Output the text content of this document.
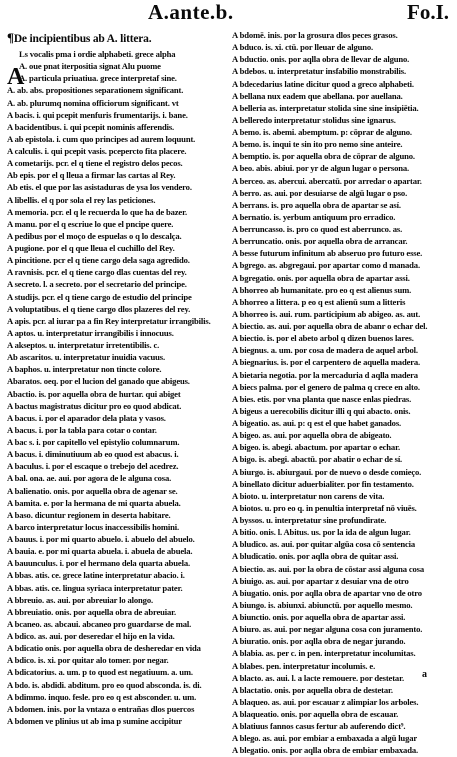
A.ante.b.	Fo.I.
¶De incipientibus ab A. littera.
A
Ls vocalis pma i ordie alphabeti. grece alpha
A. oue pnat iterpositia signat Alu puome
A. particula priuatiua. grece interpretaf sine.
A. ab. abs. propositiones separationem significant.
A. ab. plurumq nomina officiorum significant. vt
A bacis. i. qui pcepit menfuris frumentarijs. i. bane.
A bacidentibus. i. qui pcepit nominis afferendis.
A ab epistola. i. cum quo principes ad aurem loquunt.
A calculis. i. qui pcepit vasis. pcepercto fita placere.
A cometarijs. pcr. el q tiene el registro delos pecos.
Ab epis. por el q lleua a firmar las cartas al Rey.
Ab etis. el que por las asistaduras de ysa los vendero.
A libellis. el q por sola el rey las peticiones.
A memoria. pcr. el q le recuerda lo que ha de bazer.
A manu. por el q escriue lo que el pncipe quere.
A pedibus por el moço de espuelas o q lo descalça.
A pugione. por el q que lleua el cuchillo del Rey.
A pincitione. pcr el q tiene cargo dela saga agredido.
A ravnisis. pcr. el q tiene cargo dlas cuentas del rey.
A secreto. l. a secreto. por el secretario del principe.
A studijs. pcr. el q tiene cargo de estudio del principe
A voluptatibus. el q tiene cargo dlos plazeres del rey.
A apis. pcr. al iurar pa a fin Rey interpretatur irrangibilis.
A aptos. u. interpretatur irrangibilis i innocuus.
A akseptos. u. interpretatur irretentibilis. c.
Ab ascaritos. u. interpretatur inuidia vacuus.
A baphos. u. interpretatur non tincte colore.
Abaratos. oeq. por el lucion del ganado que abigeus.
Abactio. is. por aquella obra de hurtar. qui abiget
A bactus magistratus dicitur pro eo quod abdicat.
A bacus. i. por el aparador dela plata y vasos.
A bacus. i. por la tabla para cotar o contar.
A bac s. i. por capitello vel epistylio columnarum.
A bacus. i. diminutiuum ab eo quod est abacus. i.
A baculus. i. por el escaque o trebejo del acedrez.
A bal. ona. ae. aui. por agora de le alguna cosa.
A balienatio. onis. por aquella obra de agenar se.
A bamita. e. por la hermana de mi quarta abuela.
A baso. dicuntur regionem in deserta habitare.
A barco interpretatur locus inaccessibilis homini.
A bauus. i. por mi quarto abuelo. i. abuelo del abuelo.
A bauia. e. por mi quarta abuela. i. abuela de abuela.
A bauunculus. i. por el hermano dela quarta abuela.
A bbas. atis. ce. grece latine interpretatur abacio. i.
A bbas. atis. ce. lingua syriaca interpretatur pater.
A bbreuio. as. aui. por abreuiar lo alongo.
A bbreuiatio. onis. por aquella obra de abreuiar.
A bcaneo. as. abcaui. abcaneo pro guardarse de mal.
A bdico. as. aui. por deseredar el hijo en la vida.
A bdicatio onis. por aquella obra de desheredar en vida
A bdico. is. xi. por quitar alo tomer. por negar.
A bdicatorius. a. um. p to quod est negatiuum. a. um.
A bdo. is. abdidi. abditum. pro eo quod absconda. is. di.
A bdimmo. inquo. fesle. pro eo q est absconder. u. um.
A bdomen. inis. por la vntaza o entrañas dlos puercos
A bdomen ve plinius ut ab ima p sumine accipitur
A bdomē. inis. por la grosura dlos peces grasos.
A bduco. is. xi. ctū. por lleuar de alguno.
A bductio. onis. por aqlla obra de llevar de alguno.
A bdebos. u. interpretatur insfabilio monstrabilis.
A bdecedarius latine dicitur quod a greco alphabeti.
A bellana nux eadem que abellana. por auellana.
A belleria as. interpretatur stolida sine sine insipiētia.
A belleredo interpretatur stolidus sine ignarus.
A bemo. is. abemi. abemptum. p: cōprar de alguno.
A bemo. is. inqui te sin ito pro nemo sine anteire.
A bemptio. is. por aquella obra de cōprar de alguno.
A beo. abis. abiui. por yr de algun lugar o persona.
A berceo. as. abercui. abercatū. por arredar o apartar.
A berro. as. aui. por desuiarse de algū lugar o pso.
A berrans. is. pro aquella obra de apartar se así.
A bernatio. is. yerbum antiquum pro erradico.
A berruncasso. is. pro co quod est aberrunco. as.
A berruncatio. onis. por aquella obra de arrancar.
A besse futurum infinitum ab abseruo pro futuro esse.
A bgrego. as. abgregaui. por apartar como d manada.
A bgregatio. onis. por aquella obra de apartar assi.
A bhorreo ab humanitate. pro eo q est alienus sum.
A bhorreo a littera. p eo q est alienū sum a litteris
A bhorreo is. aui. rum. participium ab abigeo. as. aut.
A biectio. as. aui. por aquella obra de abanr o echar del.
A biectio. is. por el abeto arbol q dizen buenos lares.
A biegnus. a. um. por cosa de madera de aquel arbol.
A biegnarius. is. por el carpentero de aquella madera.
A bietaria negotia. por la mercaduria d aqlla madera
A biecs palma. por el genero de palma q crece en alto.
A bies. etis. por vna planta que nasce enlas piedras.
A bigeus a uerecobilis dicitur illi q qui abacto. onis.
A bigeatio. as. aui. p: q est el que habet ganados.
A bigeo. as. aui. por aquella obra de abigeato.
A bigeo. is. abegi. abactum. por apartar o echar.
A bigo. is. abegi. abactū. por abatir o echar de sí.
A biurgo. is. abiurgaui. por de nuevo o desde comieço.
A binellato dicitur aduerbialiter. por fin testamento.
A bioto. u. interpretatur non carens de vita.
A biotos. u. pro eo q. in penultia interpretaf nō viuēs.
A byssos. u. interpretatur sine profundirate.
A bitio. onis. l. Abitus. us. por la ida de algun lugar.
A bludico. as. aui. por quitar algūa cosa cō sentencia
A bludicatio. onis. por aqlla obra de quitar assi.
A biectio. as. aui. por la obra de cōstar assi alguna cosa
A biuigo. as. aui. por apartar z desuiar vna de otro
A biugatio. onis. por aqlla obra de apartar vno de otro
A biungo. is. abiunxi. abiunctū. por aquello mesmo.
A biunctio. onis. por aquella obra de apartar assi.
A biuro. as. aui. por negar alguna cosa con juramento.
A biuratio. onis. por aqlla obra de negar jurando.
A blabia. as. per c. in pen. interpretatur incolumitas.
A blabes. pen. interpretatur incolumis. e.
A blacto. as. aui. l. a lacte remouere. por destetar.
A blactatio. onis. por aquella obra de destetar.
A blaqueo. as. aui. por escauar z alimpiar los arboles.
A blaqueatio. onis. por aquella obra de escauar.
A blatiuus fannos casus fertur ab auferendo dict⁹.
A blego. as. aui. por embiar a embaxada a algū lugar
A blegatio. onis. por aqlla obra de embiar embaxada.
a
